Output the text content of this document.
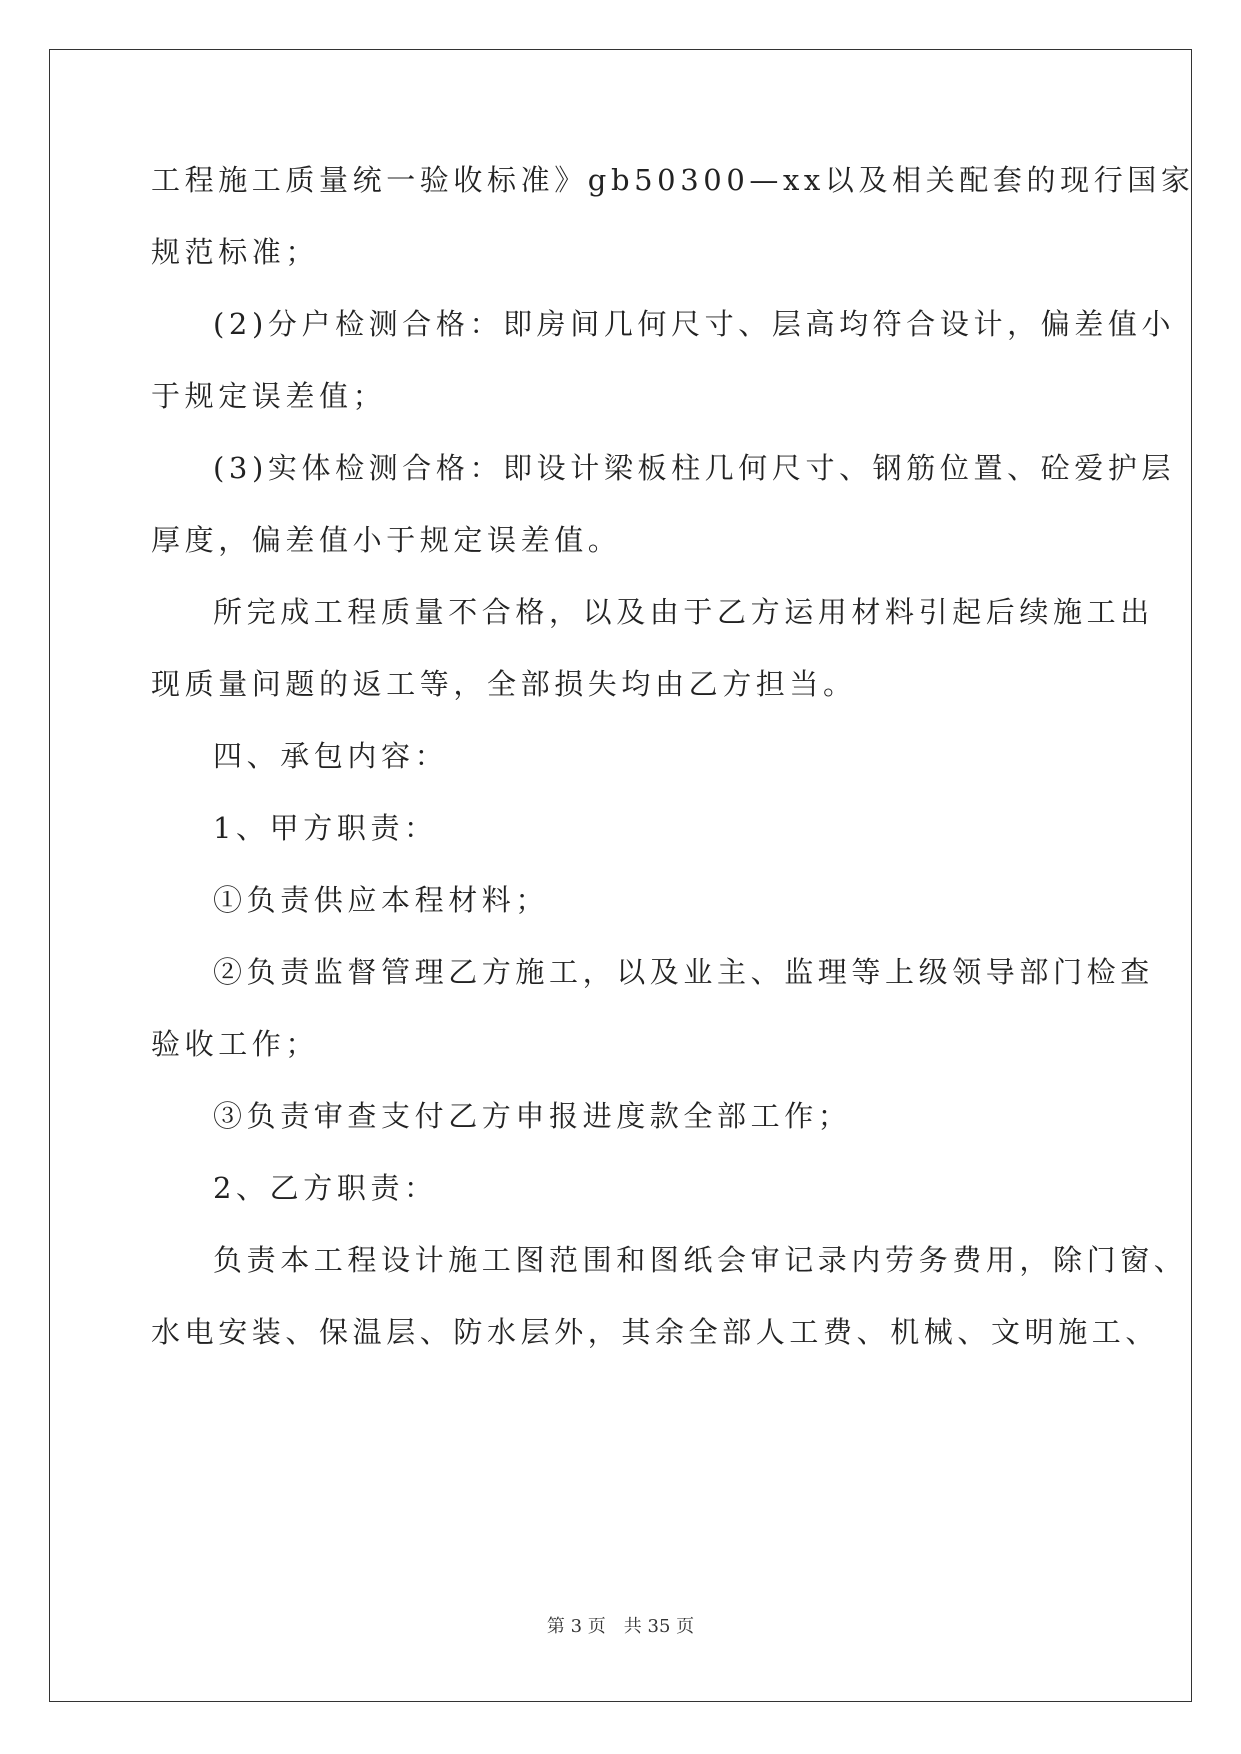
工程施工质量统一验收标准》gb50300—xx以及相关配套的现行国家
规范标准；
(2)分户检测合格：即房间几何尺寸、层高均符合设计，偏差值小
于规定误差值；
(3)实体检测合格：即设计梁板柱几何尺寸、钢筋位置、砼爱护层
厚度，偏差值小于规定误差值。
所完成工程质量不合格，以及由于乙方运用材料引起后续施工出
现质量问题的返工等，全部损失均由乙方担当。
四、承包内容：
1、甲方职责：
①负责供应本程材料；
②负责监督管理乙方施工，以及业主、监理等上级领导部门检查
验收工作；
③负责审查支付乙方申报进度款全部工作；
2、乙方职责：
负责本工程设计施工图范围和图纸会审记录内劳务费用，除门窗、
水电安装、保温层、防水层外，其余全部人工费、机械、文明施工、
第 3 页　共 35 页
